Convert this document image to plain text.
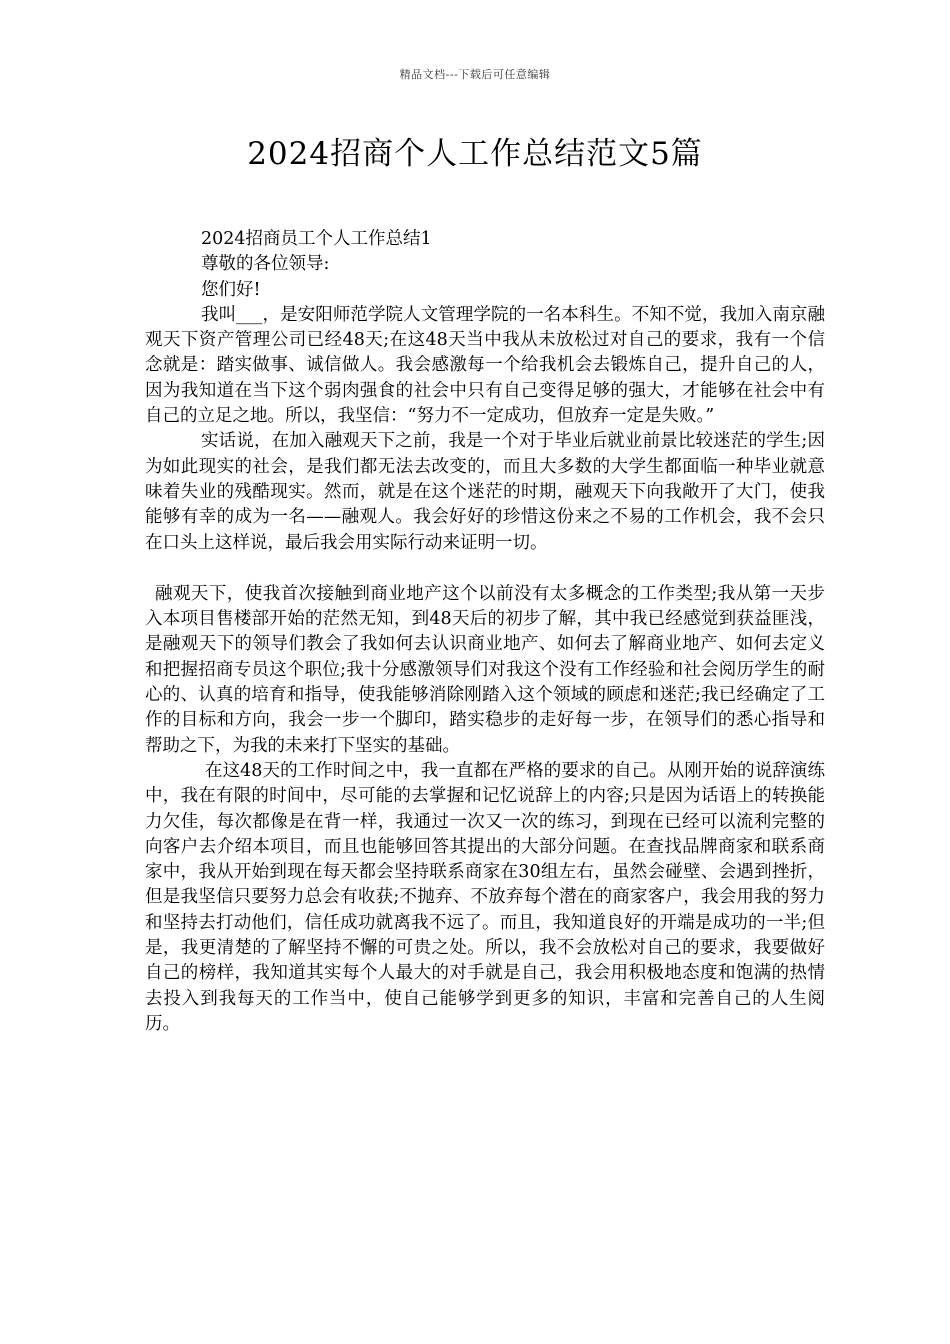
精品文档---下载后可任意编辑
2024招商个人工作总结范文5篇

2024招商员工个人工作总结1

尊敬的各位领导:

您们好!

我叫___，是安阳师范学院人文管理学院的一名本科生。不知不觉，我加入南京融观天下资产管理公司已经48天;在这48天当中我从未放松过对自己的要求，我有一个信念就是：踏实做事、诚信做人。我会感激每一个给我机会去锻炼自己，提升自己的人，因为我知道在当下这个弱肉强食的社会中只有自己变得足够的强大，才能够在社会中有自己的立足之地。所以，我坚信：“努力不一定成功，但放弃一定是失败。”

实话说，在加入融观天下之前，我是一个对于毕业后就业前景比较迷茫的学生;因为如此现实的社会，是我们都无法去改变的，而且大多数的大学生都面临一种毕业就意味着失业的残酷现实。然而，就是在这个迷茫的时期，融观天下向我敞开了大门，使我能够有幸的成为一名——融观人。我会好好的珍惜这份来之不易的工作机会，我不会只在口头上这样说，最后我会用实际行动来证明一切。

融观天下，使我首次接触到商业地产这个以前没有太多概念的工作类型;我从第一天步入本项目售楼部开始的茫然无知，到48天后的初步了解，其中我已经感觉到获益匪浅，是融观天下的领导们教会了我如何去认识商业地产、如何去了解商业地产、如何去定义和把握招商专员这个职位;我十分感激领导们对我这个没有工作经验和社会阅历学生的耐心的、认真的培育和指导，使我能够消除刚踏入这个领域的顾虑和迷茫;我已经确定了工作的目标和方向，我会一步一个脚印，踏实稳步的走好每一步，在领导们的悉心指导和帮助之下，为我的未来打下坚实的基础。

在这48天的工作时间之中，我一直都在严格的要求的自己。从刚开始的说辞演练中，我在有限的时间中，尽可能的去掌握和记忆说辞上的内容;只是因为话语上的转换能力欠佳，每次都像是在背一样，我通过一次又一次的练习，到现在已经可以流利完整的向客户去介绍本项目，而且也能够回答其提出的大部分问题。在查找品牌商家和联系商家中，我从开始到现在每天都会坚持联系商家在30组左右，虽然会碰壁、会遇到挫折，但是我坚信只要努力总会有收获;不抛弃、不放弃每个潜在的商家客户，我会用我的努力和坚持去打动他们，信任成功就离我不远了。而且，我知道良好的开端是成功的一半;但是，我更清楚的了解坚持不懈的可贵之处。所以，我不会放松对自己的要求，我要做好自己的榜样，我知道其实每个人最大的对手就是自己，我会用积极地态度和饱满的热情去投入到我每天的工作当中，使自己能够学到更多的知识，丰富和完善自己的人生阅历。
